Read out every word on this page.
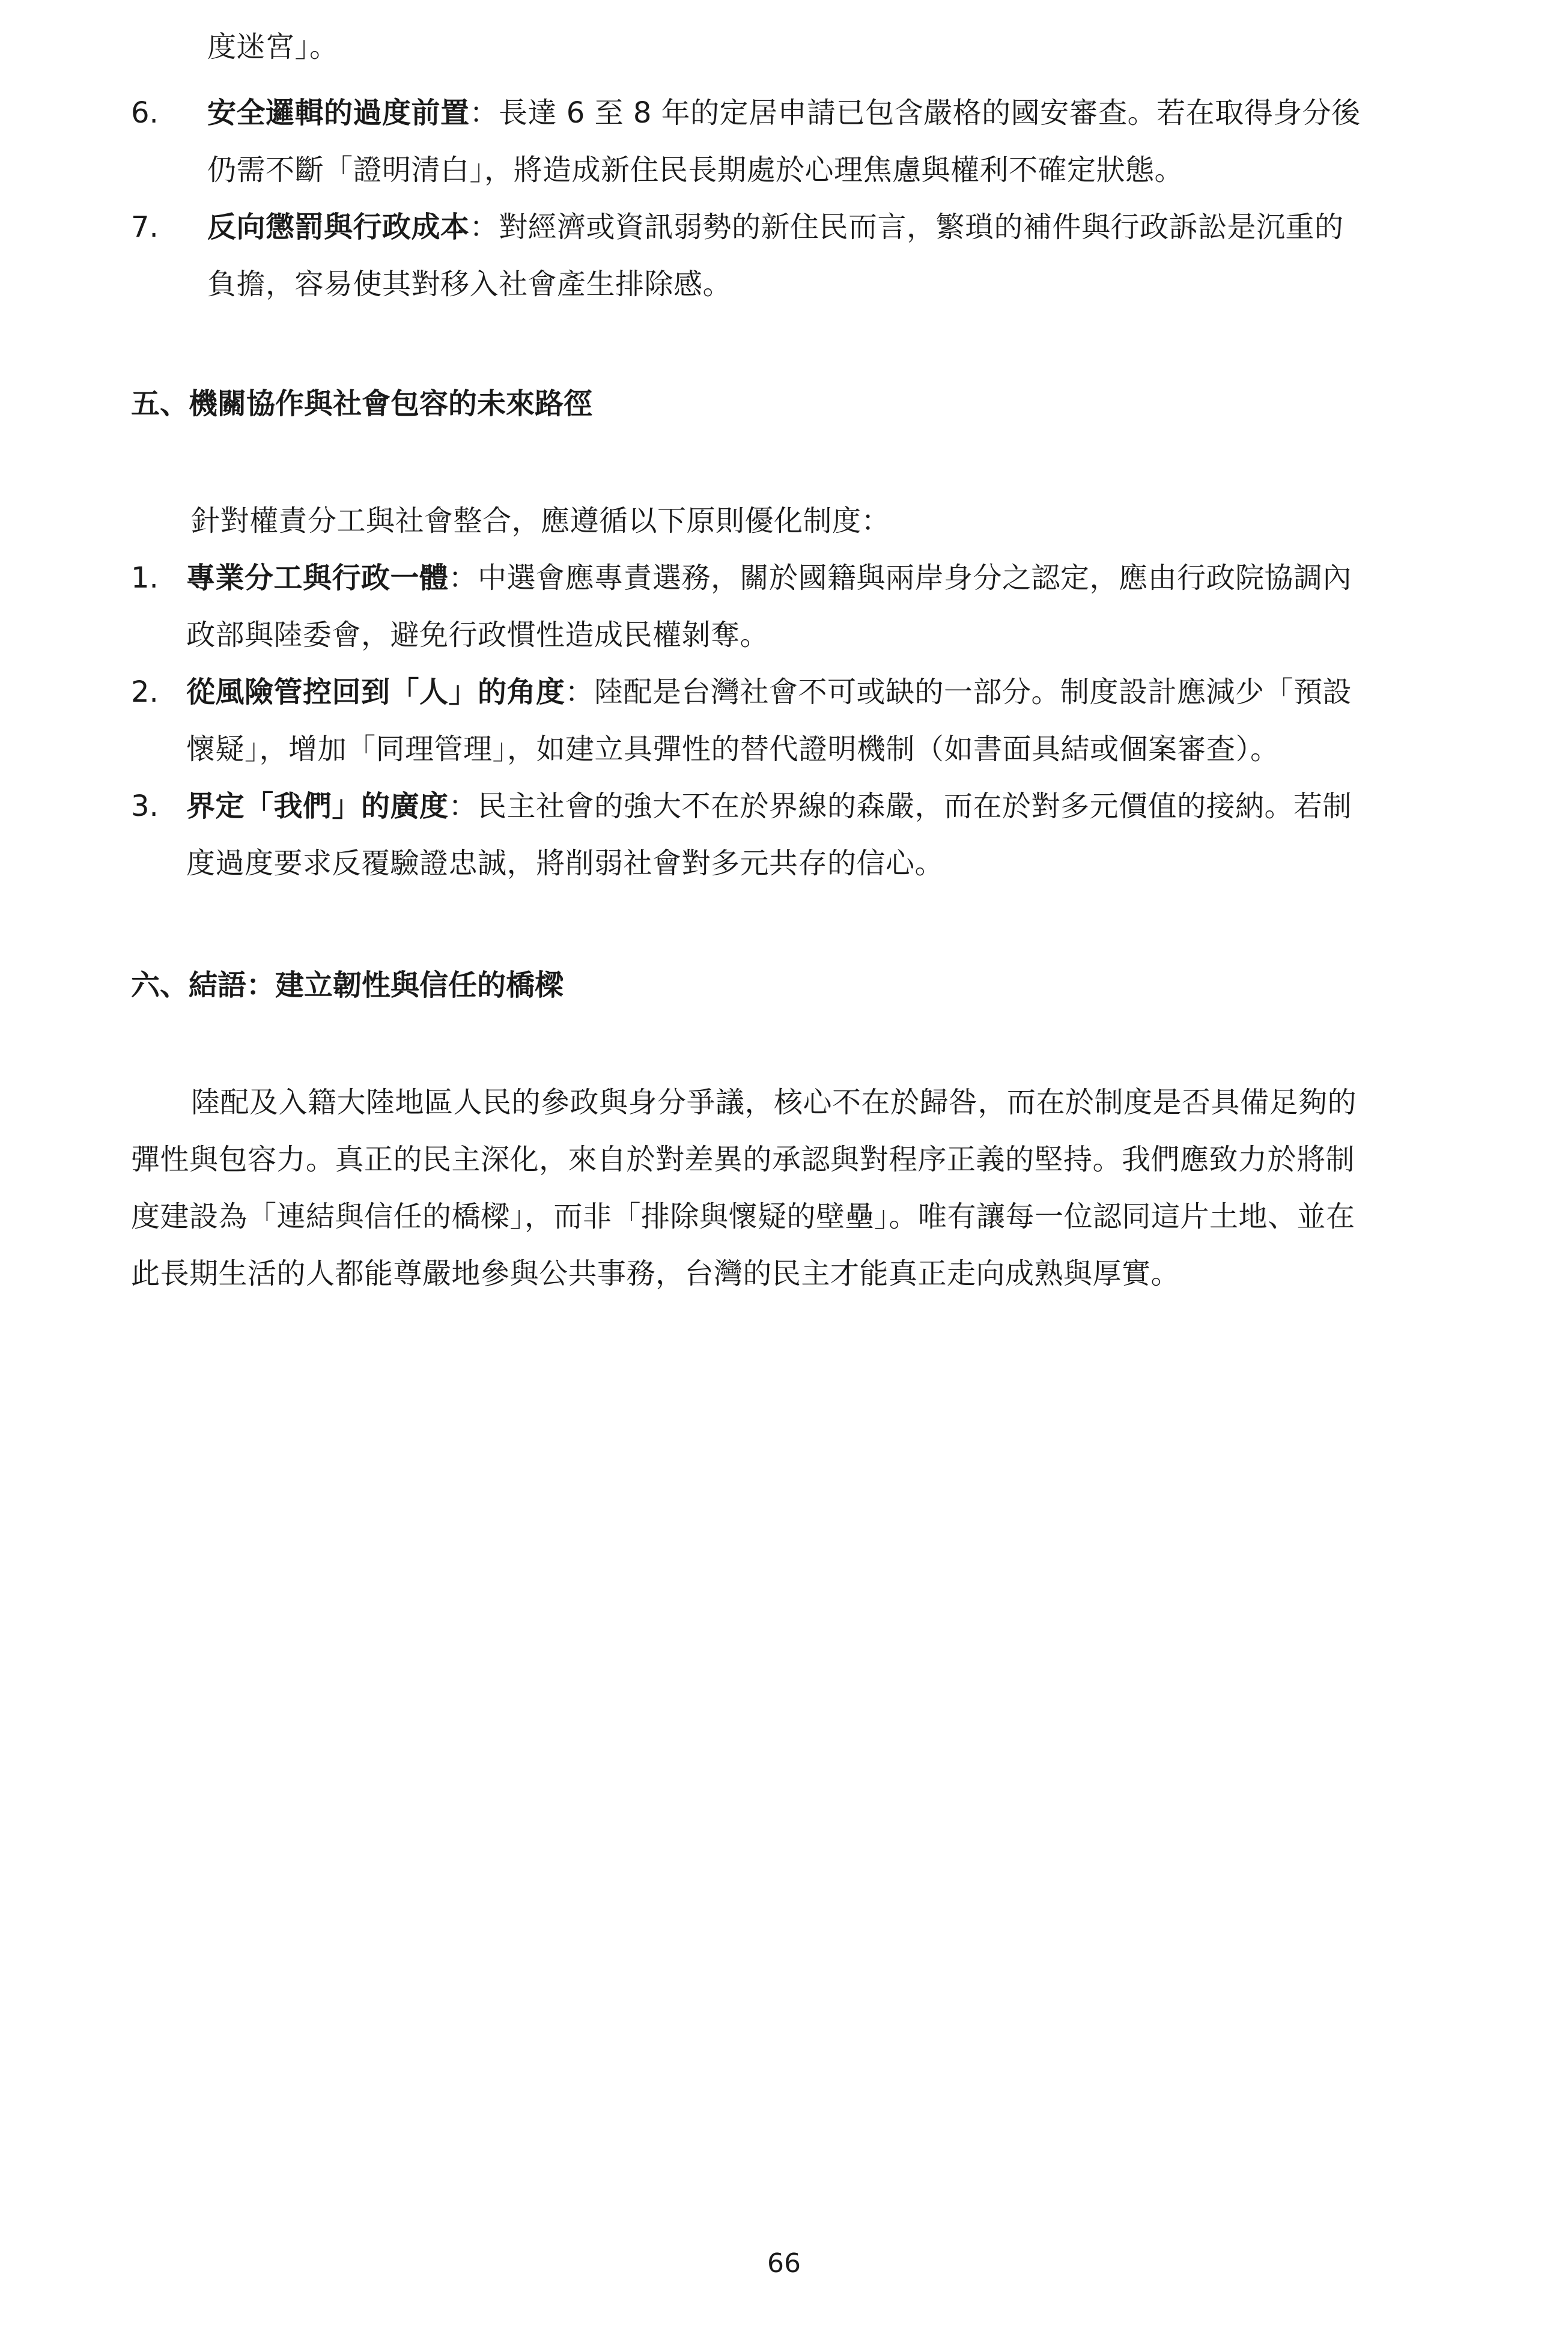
度迷宮」。
6. 安全邏輯的過度前置：長達 6 至 8 年的定居申請已包含嚴格的國安審查。若在取得身分後
仍需不斷「證明清白」，將造成新住民長期處於心理焦慮與權利不確定狀態。
7. 反向懲罰與行政成本：對經濟或資訊弱勢的新住民而言，繁瑣的補件與行政訴訟是沉重的
負擔，容易使其對移入社會產生排除感。
五、機關協作與社會包容的未來路徑
針對權責分工與社會整合，應遵循以下原則優化制度：
1. 專業分工與行政一體：中選會應專責選務，關於國籍與兩岸身分之認定，應由行政院協調內
政部與陸委會，避免行政慣性造成民權剝奪。
2. 從風險管控回到「人」的角度：陸配是台灣社會不可或缺的一部分。制度設計應減少「預設
懷疑」，增加「同理管理」，如建立具彈性的替代證明機制（如書面具結或個案審查）。
3. 界定「我們」的廣度：民主社會的強大不在於界線的森嚴，而在於對多元價值的接納。若制
度過度要求反覆驗證忠誠，將削弱社會對多元共存的信心。
六、結語：建立韌性與信任的橋樑
陸配及入籍大陸地區人民的參政與身分爭議，核心不在於歸咎，而在於制度是否具備足夠的
彈性與包容力。真正的民主深化，來自於對差異的承認與對程序正義的堅持。我們應致力於將制
度建設為「連結與信任的橋樑」，而非「排除與懷疑的壁壘」。唯有讓每一位認同這片土地、並在
此長期生活的人都能尊嚴地參與公共事務，台灣的民主才能真正走向成熟與厚實。
66
